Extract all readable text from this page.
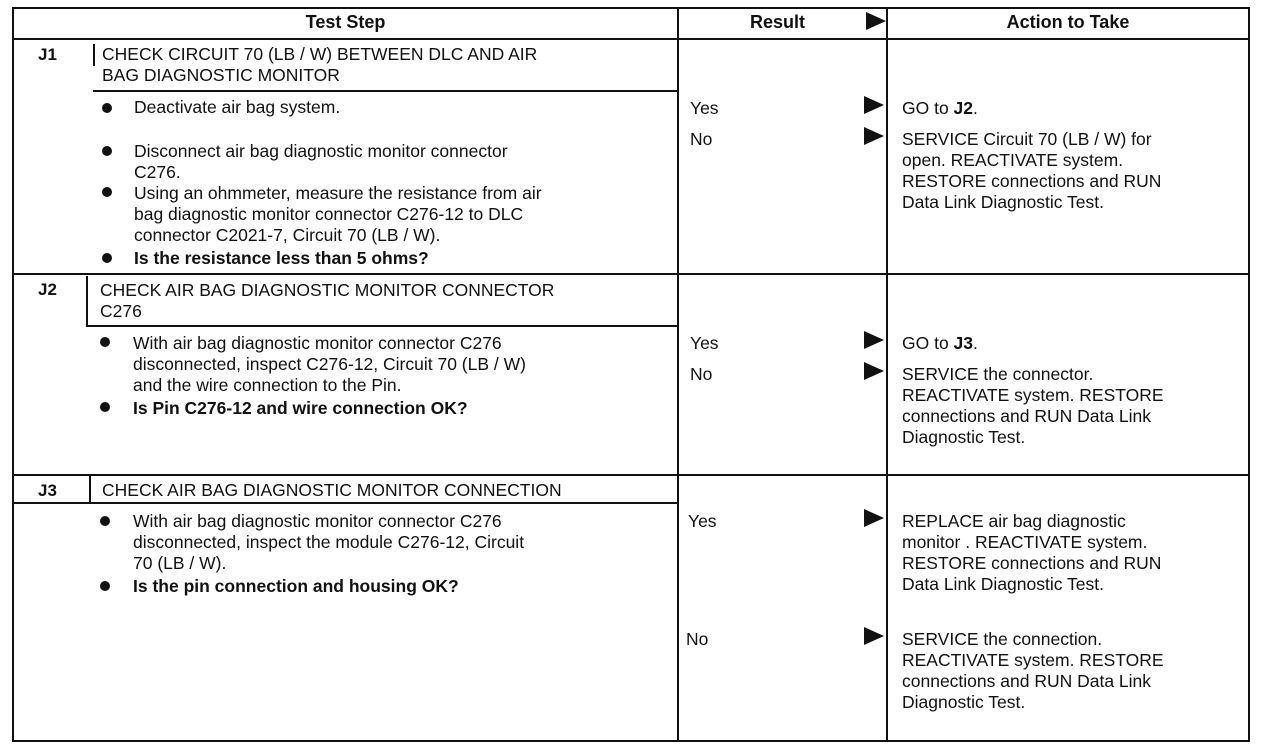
Test Step	Result	Action to Take
J1	CHECK CIRCUIT 70 (LB / W) BETWEEN DLC AND AIR
BAG DIAGNOSTIC MONITOR
Deactivate air bag system.
Disconnect air bag diagnostic monitor connector
C276.
Using an ohmmeter, measure the resistance from air
bag diagnostic monitor connector C276-12 to DLC
connector C2021-7, Circuit 70 (LB / W).
Is the resistance less than 5 ohms?
Yes	GO to J2.
No	SERVICE Circuit 70 (LB / W) for
open. REACTIVATE system.
RESTORE connections and RUN
Data Link Diagnostic Test.
J2 CHECK AIR BAG DIAGNOSTIC MONITOR CONNECTOR
C276
With air bag diagnostic monitor connector C276
disconnected, inspect C276-12, Circuit 70 (LB / W)
and the wire connection to the Pin.
Is Pin C276-12 and wire connection OK?
Yes	GO to J3.
No	SERVICE the connector.
REACTIVATE system. RESTORE
connections and RUN Data Link
Diagnostic Test.
J3	CHECK AIR BAG DIAGNOSTIC MONITOR CONNECTION
With air bag diagnostic monitor connector C276
disconnected, inspect the module C276-12, Circuit
70 (LB / W).
Is the pin connection and housing OK?
Yes	REPLACE air bag diagnostic
monitor . REACTIVATE system.
RESTORE connections and RUN
Data Link Diagnostic Test.
No	SERVICE the connection.
REACTIVATE system. RESTORE
connections and RUN Data Link
Diagnostic Test.
